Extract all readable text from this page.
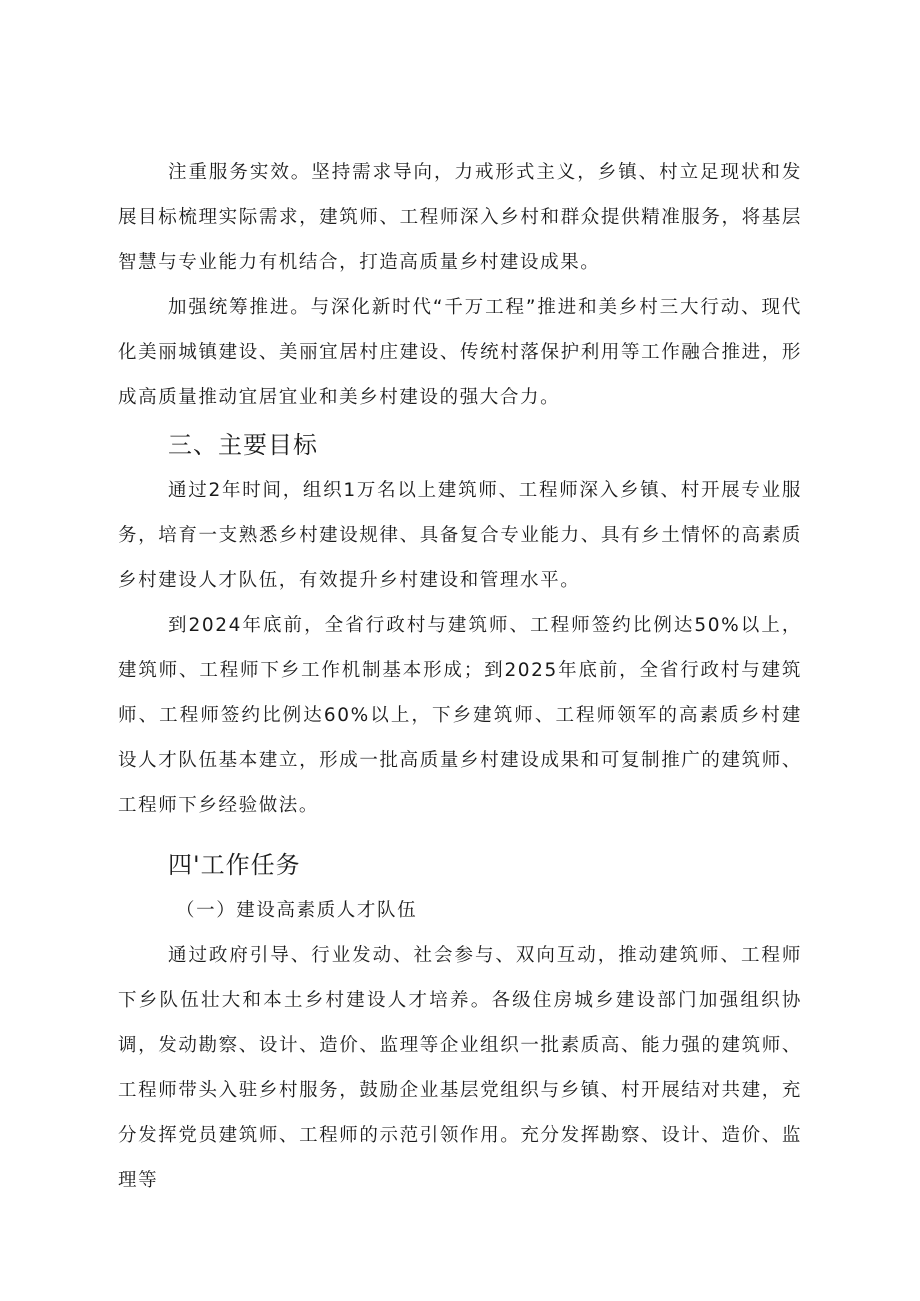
注重服务实效。坚持需求导向，力戒形式主义，乡镇、村立足现状和发展目标梳理实际需求，建筑师、工程师深入乡村和群众提供精准服务，将基层智慧与专业能力有机结合，打造高质量乡村建设成果。

加强统筹推进。与深化新时代“千万工程”推进和美乡村三大行动、现代化美丽城镇建设、美丽宜居村庄建设、传统村落保护利用等工作融合推进，形成高质量推动宜居宜业和美乡村建设的强大合力。

三、主要目标

通过2年时间，组织1万名以上建筑师、工程师深入乡镇、村开展专业服务，培育一支熟悉乡村建设规律、具备复合专业能力、具有乡土情怀的高素质乡村建设人才队伍，有效提升乡村建设和管理水平。

到2024年底前，全省行政村与建筑师、工程师签约比例达50%以上，建筑师、工程师下乡工作机制基本形成；到2025年底前，全省行政村与建筑师、工程师签约比例达60%以上，下乡建筑师、工程师领军的高素质乡村建设人才队伍基本建立，形成一批高质量乡村建设成果和可复制推广的建筑师、工程师下乡经验做法。

四'工作任务

（一）建设高素质人才队伍

通过政府引导、行业发动、社会参与、双向互动，推动建筑师、工程师下乡队伍壮大和本土乡村建设人才培养。各级住房城乡建设部门加强组织协调，发动勘察、设计、造价、监理等企业组织一批素质高、能力强的建筑师、工程师带头入驻乡村服务，鼓励企业基层党组织与乡镇、村开展结对共建，充分发挥党员建筑师、工程师的示范引领作用。充分发挥勘察、设计、造价、监理等
